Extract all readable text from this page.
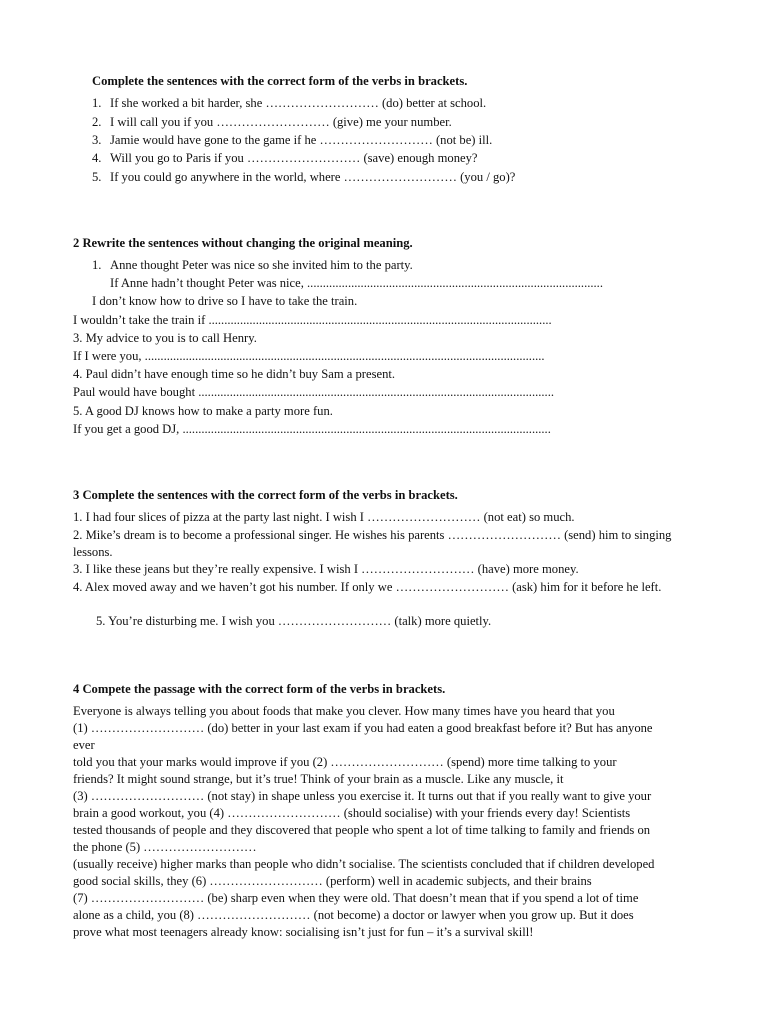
Complete the sentences with the correct form of the verbs in brackets.
1. If she worked a bit harder, she ……………………… (do) better at school.
2. I will call you if you ……………………… (give) me your number.
3. Jamie would have gone to the game if he ……………………… (not be) ill.
4. Will you go to Paris if you ……………………… (save) enough money?
5. If you could go anywhere in the world, where ……………………… (you / go)?
2 Rewrite the sentences without changing the original meaning.
1. Anne thought Peter was nice so she invited him to the party.
If Anne hadn’t thought Peter was nice, ..............................................................................................
I don’t know how to drive so I have to take the train.
I wouldn’t take the train if .............................................................................................................
3. My advice to you is to call Henry.
If I were you, ...............................................................................................................................
4. Paul didn’t have enough time so he didn’t buy Sam a present.
Paul would have bought .................................................................................................................
5. A good DJ knows how to make a party more fun.
If you get a good DJ, .....................................................................................................................
3 Complete the sentences with the correct form of the verbs in brackets.
1. I had four slices of pizza at the party last night. I wish I ……………………… (not eat) so much.
2. Mike’s dream is to become a professional singer. He wishes his parents ……………………… (send) him to singing lessons.
3. I like these jeans but they’re really expensive. I wish I ……………………… (have) more money.
4. Alex moved away and we haven’t got his number. If only we ……………………… (ask) him for it before he left.
5. You’re disturbing me. I wish you ……………………… (talk) more quietly.
4 Compete the passage with the correct form of the verbs in brackets.
Everyone is always telling you about foods that make you clever. How many times have you heard that you
(1) ……………………… (do) better in your last exam if you had eaten a good breakfast before it? But has anyone
ever
told you that your marks would improve if you (2) ……………………… (spend) more time talking to your
friends? It might sound strange, but it’s true! Think of your brain as a muscle. Like any muscle, it
(3) ……………………… (not stay) in shape unless you exercise it. It turns out that if you really want to give your
brain a good workout, you (4) ……………………… (should socialise) with your friends every day! Scientists
tested thousands of people and they discovered that people who spent a lot of time talking to family and friends on
the phone (5) ………………………
(usually receive) higher marks than people who didn’t socialise. The scientists concluded that if children developed
good social skills, they (6) ……………………… (perform) well in academic subjects, and their brains
(7) ……………………… (be) sharp even when they were old. That doesn’t mean that if you spend a lot of time
alone as a child, you (8) ……………………… (not become) a doctor or lawyer when you grow up. But it does
prove what most teenagers already know: socialising isn’t just for fun – it’s a survival skill!
